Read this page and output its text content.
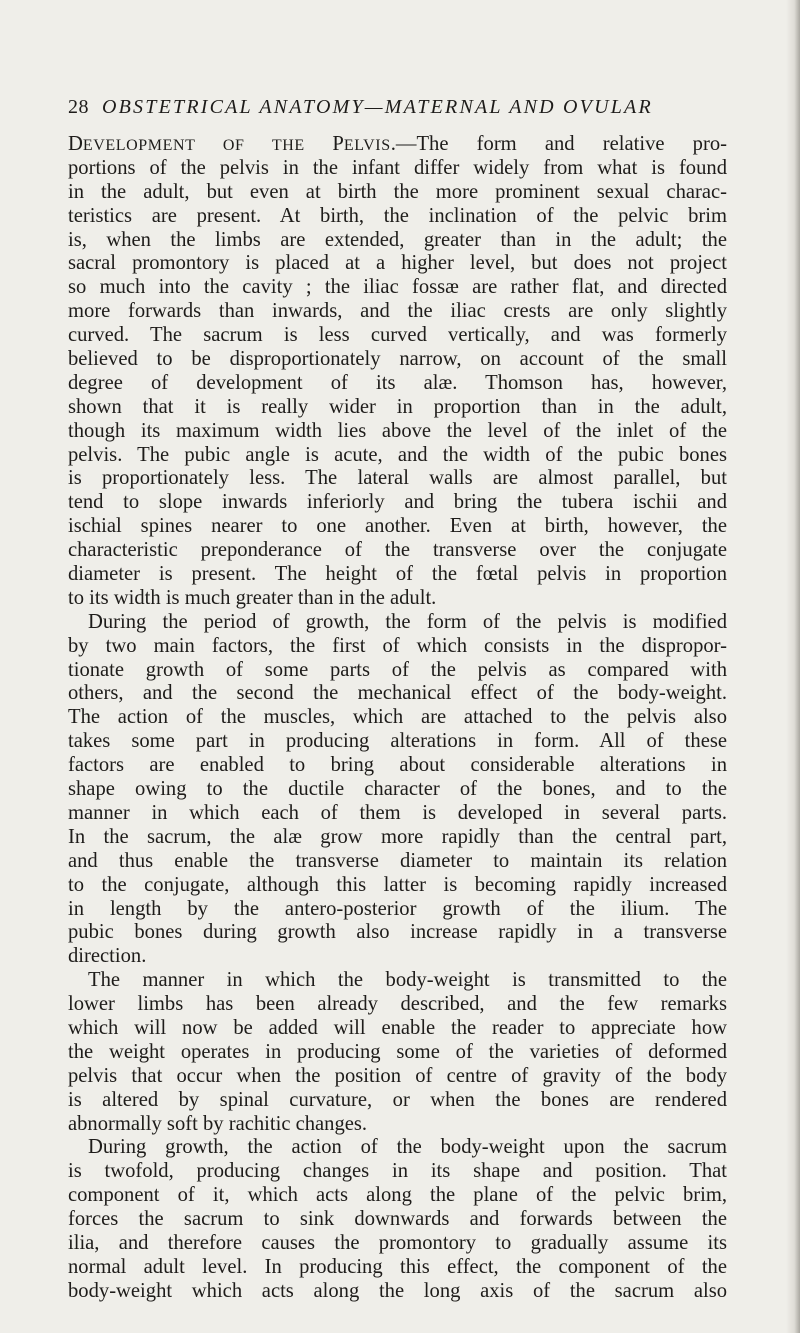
28 OBSTETRICAL ANATOMY—MATERNAL AND OVULAR
DEVELOPMENT OF THE PELVIS.—The form and relative pro-
portions of the pelvis in the infant differ widely from what is found
in the adult, but even at birth the more prominent sexual charac-
teristics are present. At birth, the inclination of the pelvic brim
is, when the limbs are extended, greater than in the adult; the
sacral promontory is placed at a higher level, but does not project
so much into the cavity ; the iliac fossæ are rather flat, and directed
more forwards than inwards, and the iliac crests are only slightly
curved. The sacrum is less curved vertically, and was formerly
believed to be disproportionately narrow, on account of the small
degree of development of its alæ. Thomson has, however,
shown that it is really wider in proportion than in the adult,
though its maximum width lies above the level of the inlet of the
pelvis. The pubic angle is acute, and the width of the pubic bones
is proportionately less. The lateral walls are almost parallel, but
tend to slope inwards inferiorly and bring the tubera ischii and
ischial spines nearer to one another. Even at birth, however, the
characteristic preponderance of the transverse over the conjugate
diameter is present. The height of the fœtal pelvis in proportion
to its width is much greater than in the adult.
During the period of growth, the form of the pelvis is modified
by two main factors, the first of which consists in the dispropor-
tionate growth of some parts of the pelvis as compared with
others, and the second the mechanical effect of the body-weight.
The action of the muscles, which are attached to the pelvis also
takes some part in producing alterations in form. All of these
factors are enabled to bring about considerable alterations in
shape owing to the ductile character of the bones, and to the
manner in which each of them is developed in several parts.
In the sacrum, the alæ grow more rapidly than the central part,
and thus enable the transverse diameter to maintain its relation
to the conjugate, although this latter is becoming rapidly increased
in length by the antero-posterior growth of the ilium. The
pubic bones during growth also increase rapidly in a transverse
direction.
The manner in which the body-weight is transmitted to the
lower limbs has been already described, and the few remarks
which will now be added will enable the reader to appreciate how
the weight operates in producing some of the varieties of deformed
pelvis that occur when the position of centre of gravity of the body
is altered by spinal curvature, or when the bones are rendered
abnormally soft by rachitic changes.
During growth, the action of the body-weight upon the sacrum
is twofold, producing changes in its shape and position. That
component of it, which acts along the plane of the pelvic brim,
forces the sacrum to sink downwards and forwards between the
ilia, and therefore causes the promontory to gradually assume its
normal adult level. In producing this effect, the component of the
body-weight which acts along the long axis of the sacrum also
